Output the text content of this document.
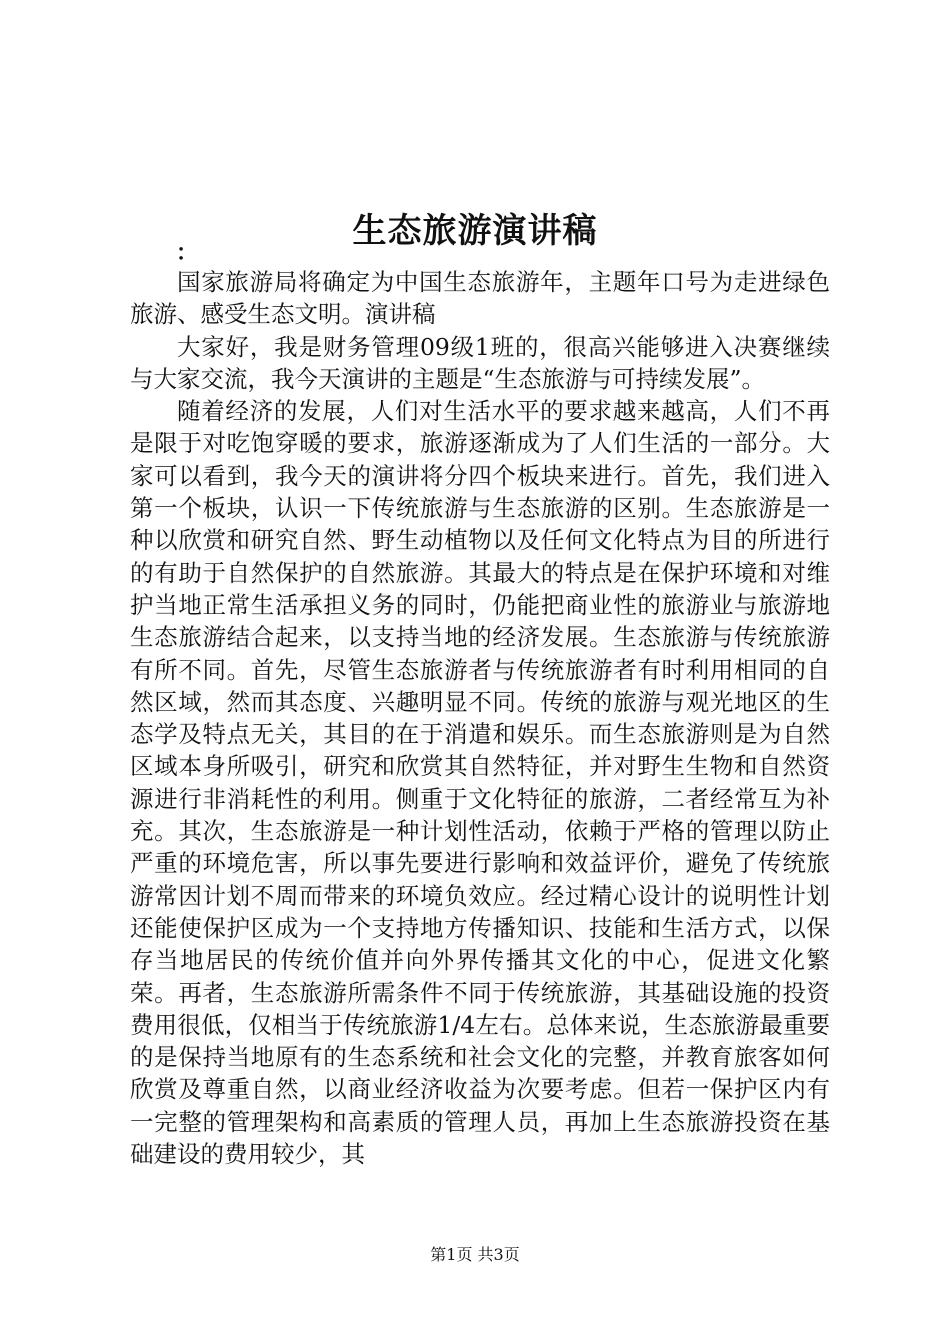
生态旅游演讲稿
：

国家旅游局将确定为中国生态旅游年，主题年口号为走进绿色旅游、感受生态文明。演讲稿

大家好，我是财务管理09级1班的，很高兴能够进入决赛继续与大家交流，我今天演讲的主题是“生态旅游与可持续发展”。

随着经济的发展，人们对生活水平的要求越来越高，人们不再是限于对吃饱穿暖的要求，旅游逐渐成为了人们生活的一部分。大家可以看到，我今天的演讲将分四个板块来进行。首先，我们进入第一个板块，认识一下传统旅游与生态旅游的区别。生态旅游是一种以欣赏和研究自然、野生动植物以及任何文化特点为目的所进行的有助于自然保护的自然旅游。其最大的特点是在保护环境和对维护当地正常生活承担义务的同时，仍能把商业性的旅游业与旅游地生态旅游结合起来，以支持当地的经济发展。生态旅游与传统旅游有所不同。首先，尽管生态旅游者与传统旅游者有时利用相同的自然区域，然而其态度、兴趣明显不同。传统的旅游与观光地区的生态学及特点无关，其目的在于消遣和娱乐。而生态旅游则是为自然区域本身所吸引，研究和欣赏其自然特征，并对野生生物和自然资源进行非消耗性的利用。侧重于文化特征的旅游，二者经常互为补充。其次，生态旅游是一种计划性活动，依赖于严格的管理以防止严重的环境危害，所以事先要进行影响和效益评价，避免了传统旅游常因计划不周而带来的环境负效应。经过精心设计的说明性计划还能使保护区成为一个支持地方传播知识、技能和生活方式，以保存当地居民的传统价值并向外界传播其文化的中心，促进文化繁荣。再者，生态旅游所需条件不同于传统旅游，其基础设施的投资费用很低，仅相当于传统旅游1/4左右。总体来说，生态旅游最重要的是保持当地原有的生态系统和社会文化的完整，并教育旅客如何欣赏及尊重自然，以商业经济收益为次要考虑。但若一保护区内有一完整的管理架构和高素质的管理人员，再加上生态旅游投资在基础建设的费用较少，其

第1页 共3页
